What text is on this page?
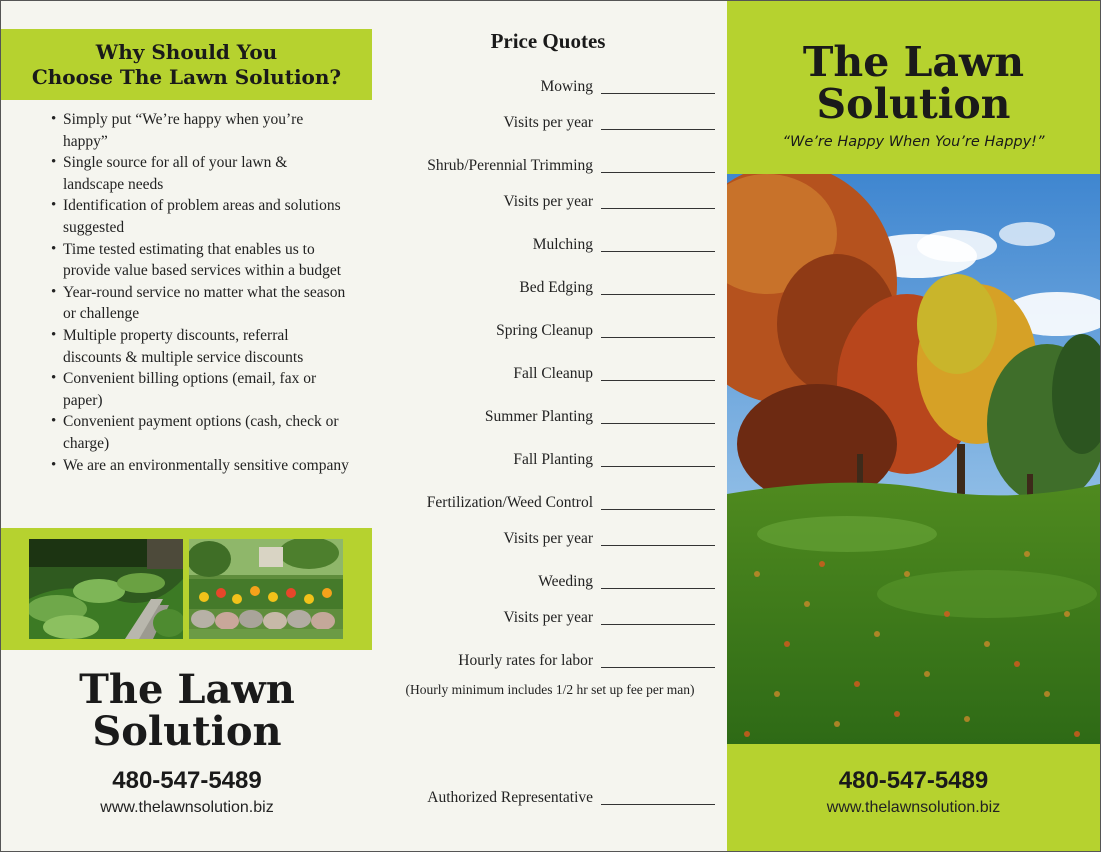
Why Should You
Choose The Lawn Solution?
• Simply put “We’re happy when you’re happy”
• Single source for all of your lawn & landscape needs
• Identification of problem areas and solutions suggested
• Time tested estimating that enables us to provide value based services within a budget
• Year-round service no matter what the season or challenge
• Multiple property discounts, referral discounts & multiple service discounts
• Convenient billing options (email, fax or paper)
• Convenient payment options (cash, check or charge)
• We are an environmentally sensitive company
The Lawn
Solution
480-547-5489
www.thelawnsolution.biz
Price Quotes
Mowing
Visits per year
Shrub/Perennial Trimming
Visits per year
Mulching
Bed Edging
Spring Cleanup
Fall Cleanup
Summer Planting
Fall Planting
Fertilization/Weed Control
Visits per year
Weeding
Visits per year
Hourly rates for labor
(Hourly minimum includes 1/2 hr set up fee per man)
Authorized Representative
The Lawn
Solution
“We’re Happy When You’re Happy!”
480-547-5489
www.thelawnsolution.biz
